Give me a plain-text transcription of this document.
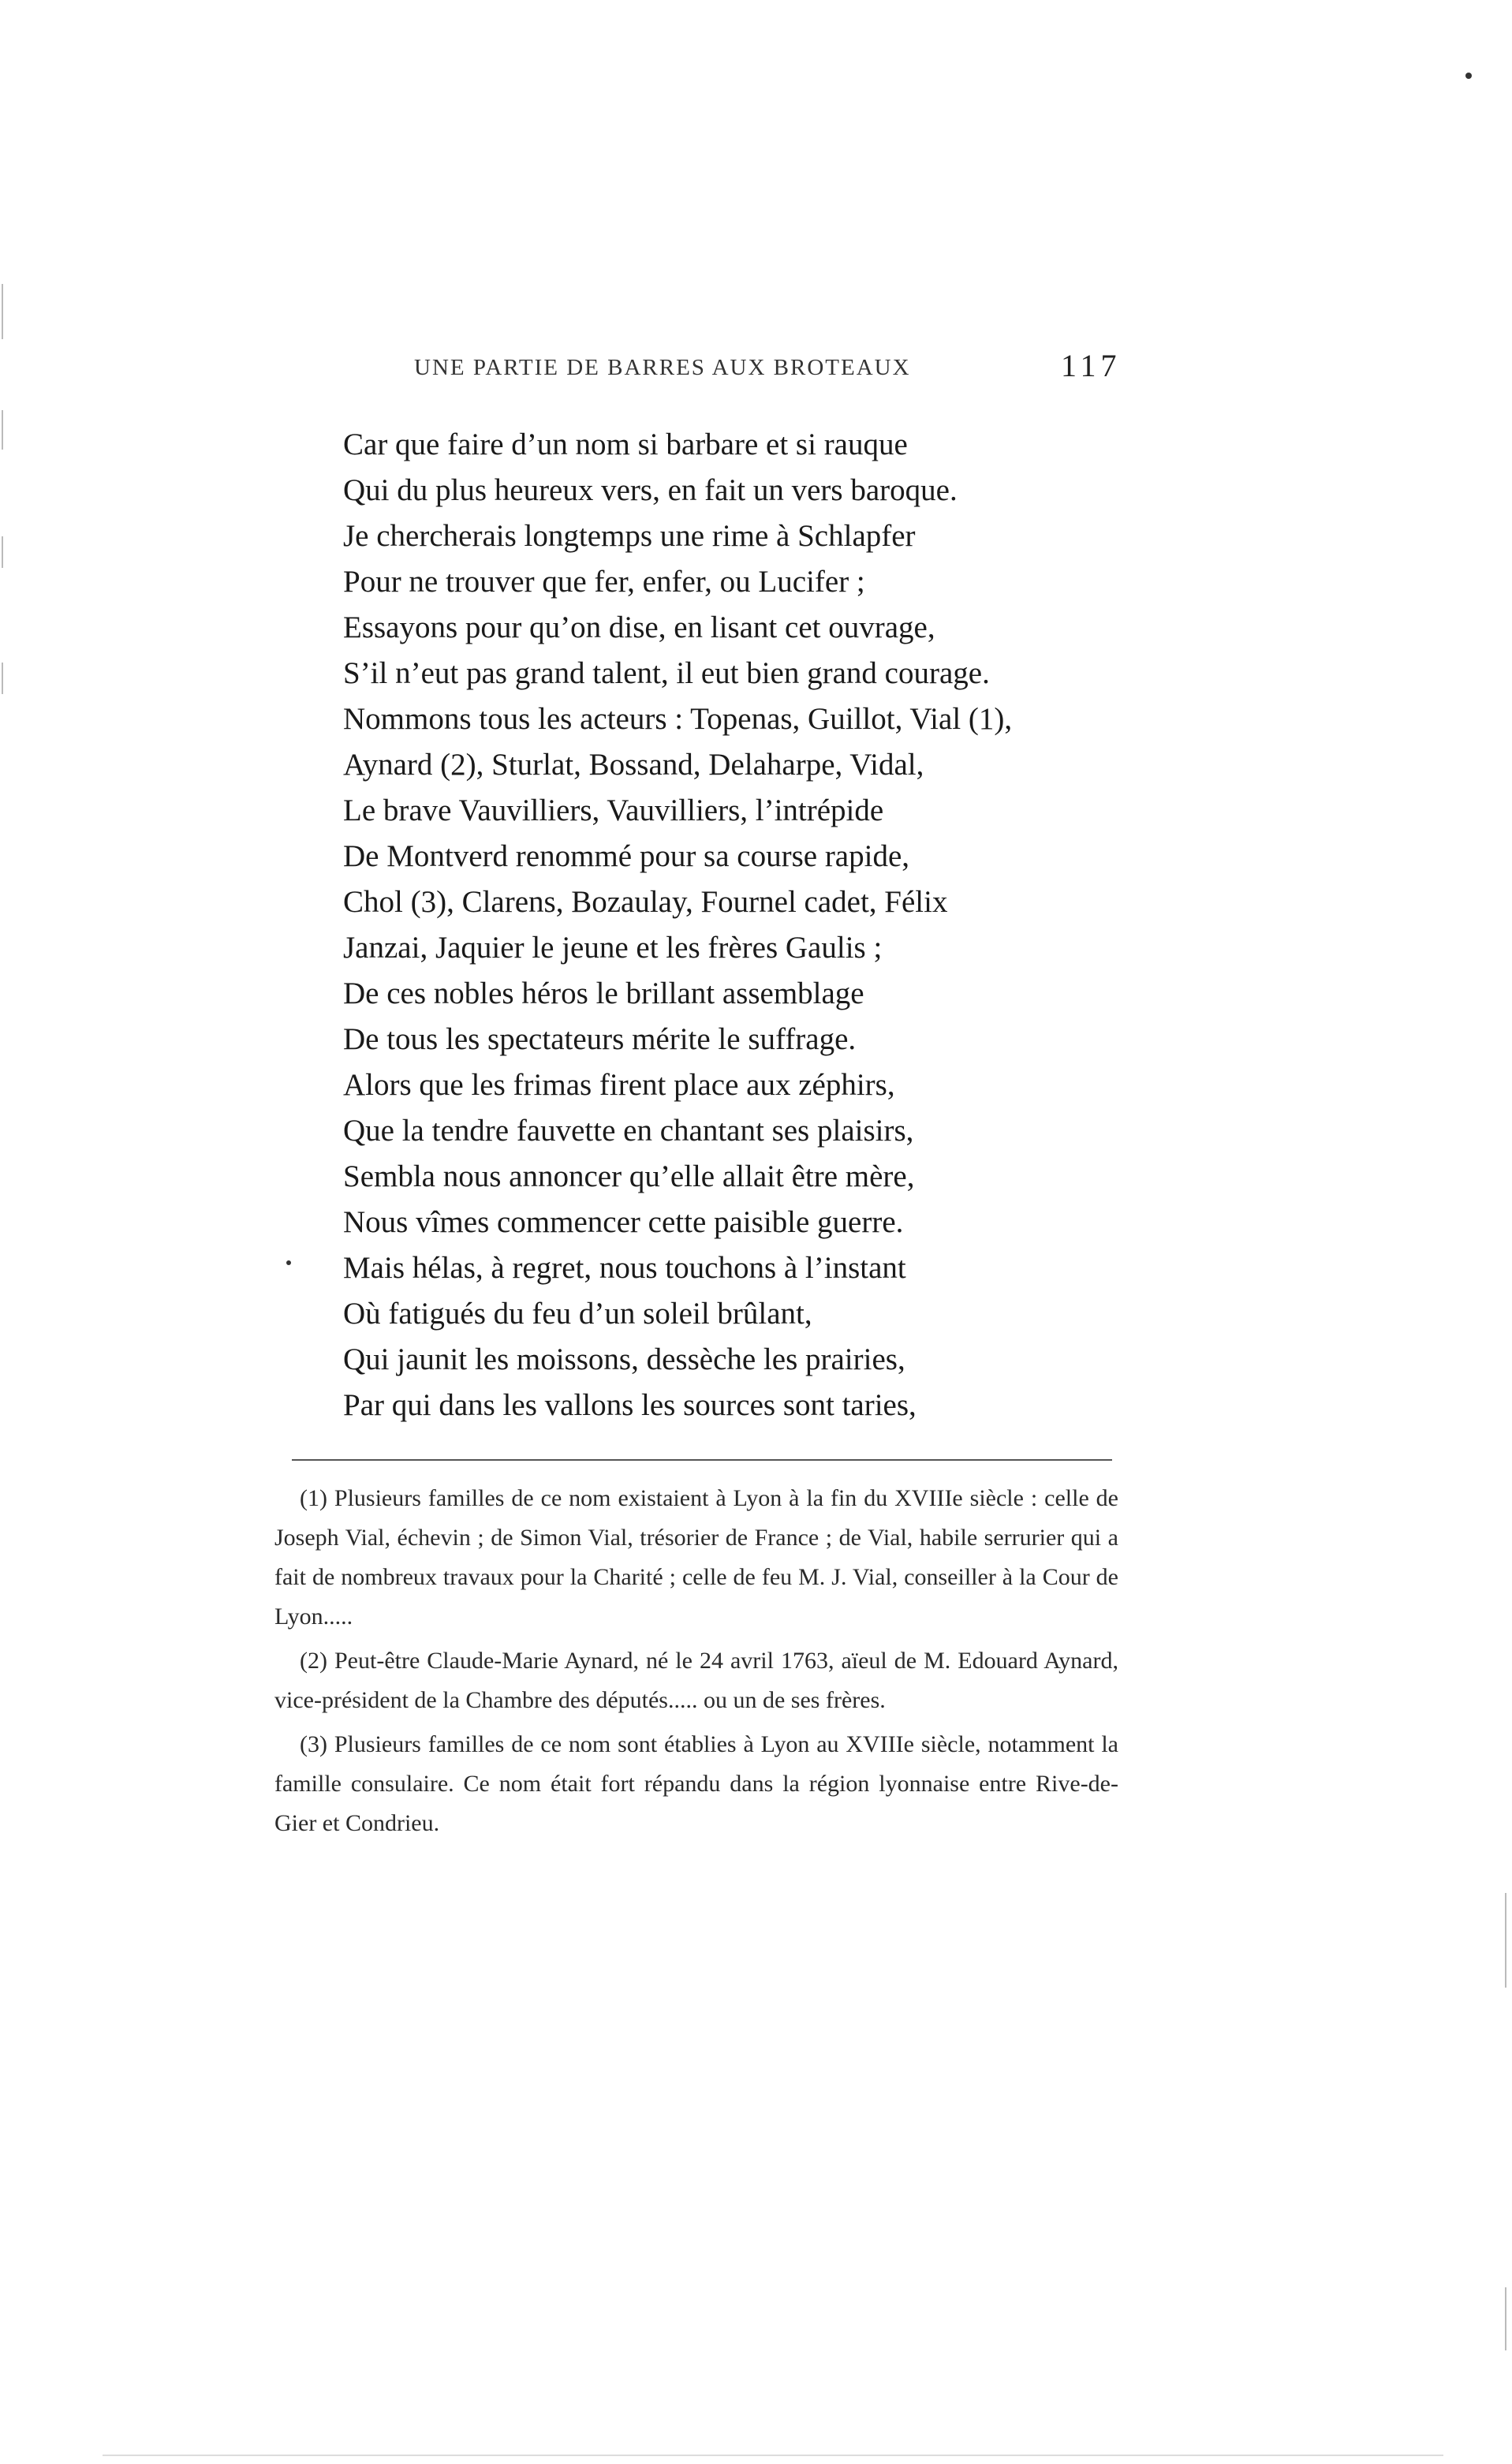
UNE PARTIE DE BARRES AUX BROTEAUX	117
Car que faire d’un nom si barbare et si rauque
Qui du plus heureux vers, en fait un vers baroque.
Je chercherais longtemps une rime à Schlapfer
Pour ne trouver que fer, enfer, ou Lucifer ;
Essayons pour qu’on dise, en lisant cet ouvrage,
S’il n’eut pas grand talent, il eut bien grand courage.
Nommons tous les acteurs : Topenas, Guillot, Vial (1),
Aynard (2), Sturlat, Bossand, Delaharpe, Vidal,
Le brave Vauvilliers, Vauvilliers, l’intrépide
De Montverd renommé pour sa course rapide,
Chol (3), Clarens, Bozaulay, Fournel cadet, Félix
Janzai, Jaquier le jeune et les frères Gaulis ;
De ces nobles héros le brillant assemblage
De tous les spectateurs mérite le suffrage.
Alors que les frimas firent place aux zéphirs,
Que la tendre fauvette en chantant ses plaisirs,
Sembla nous annoncer qu’elle allait être mère,
Nous vîmes commencer cette paisible guerre.
Mais hélas, à regret, nous touchons à l’instant
Où fatigués du feu d’un soleil brûlant,
Qui jaunit les moissons, dessèche les prairies,
Par qui dans les vallons les sources sont taries,
(1) Plusieurs familles de ce nom existaient à Lyon à la fin du XVIIIe siècle : celle de Joseph Vial, échevin ; de Simon Vial, trésorier de France ; de Vial, habile serrurier qui a fait de nombreux travaux pour la Charité ; celle de feu M. J. Vial, conseiller à la Cour de Lyon.....
(2) Peut-être Claude-Marie Aynard, né le 24 avril 1763, aïeul de M. Edouard Aynard, vice-président de la Chambre des députés..... ou un de ses frères.
(3) Plusieurs familles de ce nom sont établies à Lyon au XVIIIe siècle, notamment la famille consulaire. Ce nom était fort répandu dans la région lyonnaise entre Rive-de-Gier et Condrieu.
